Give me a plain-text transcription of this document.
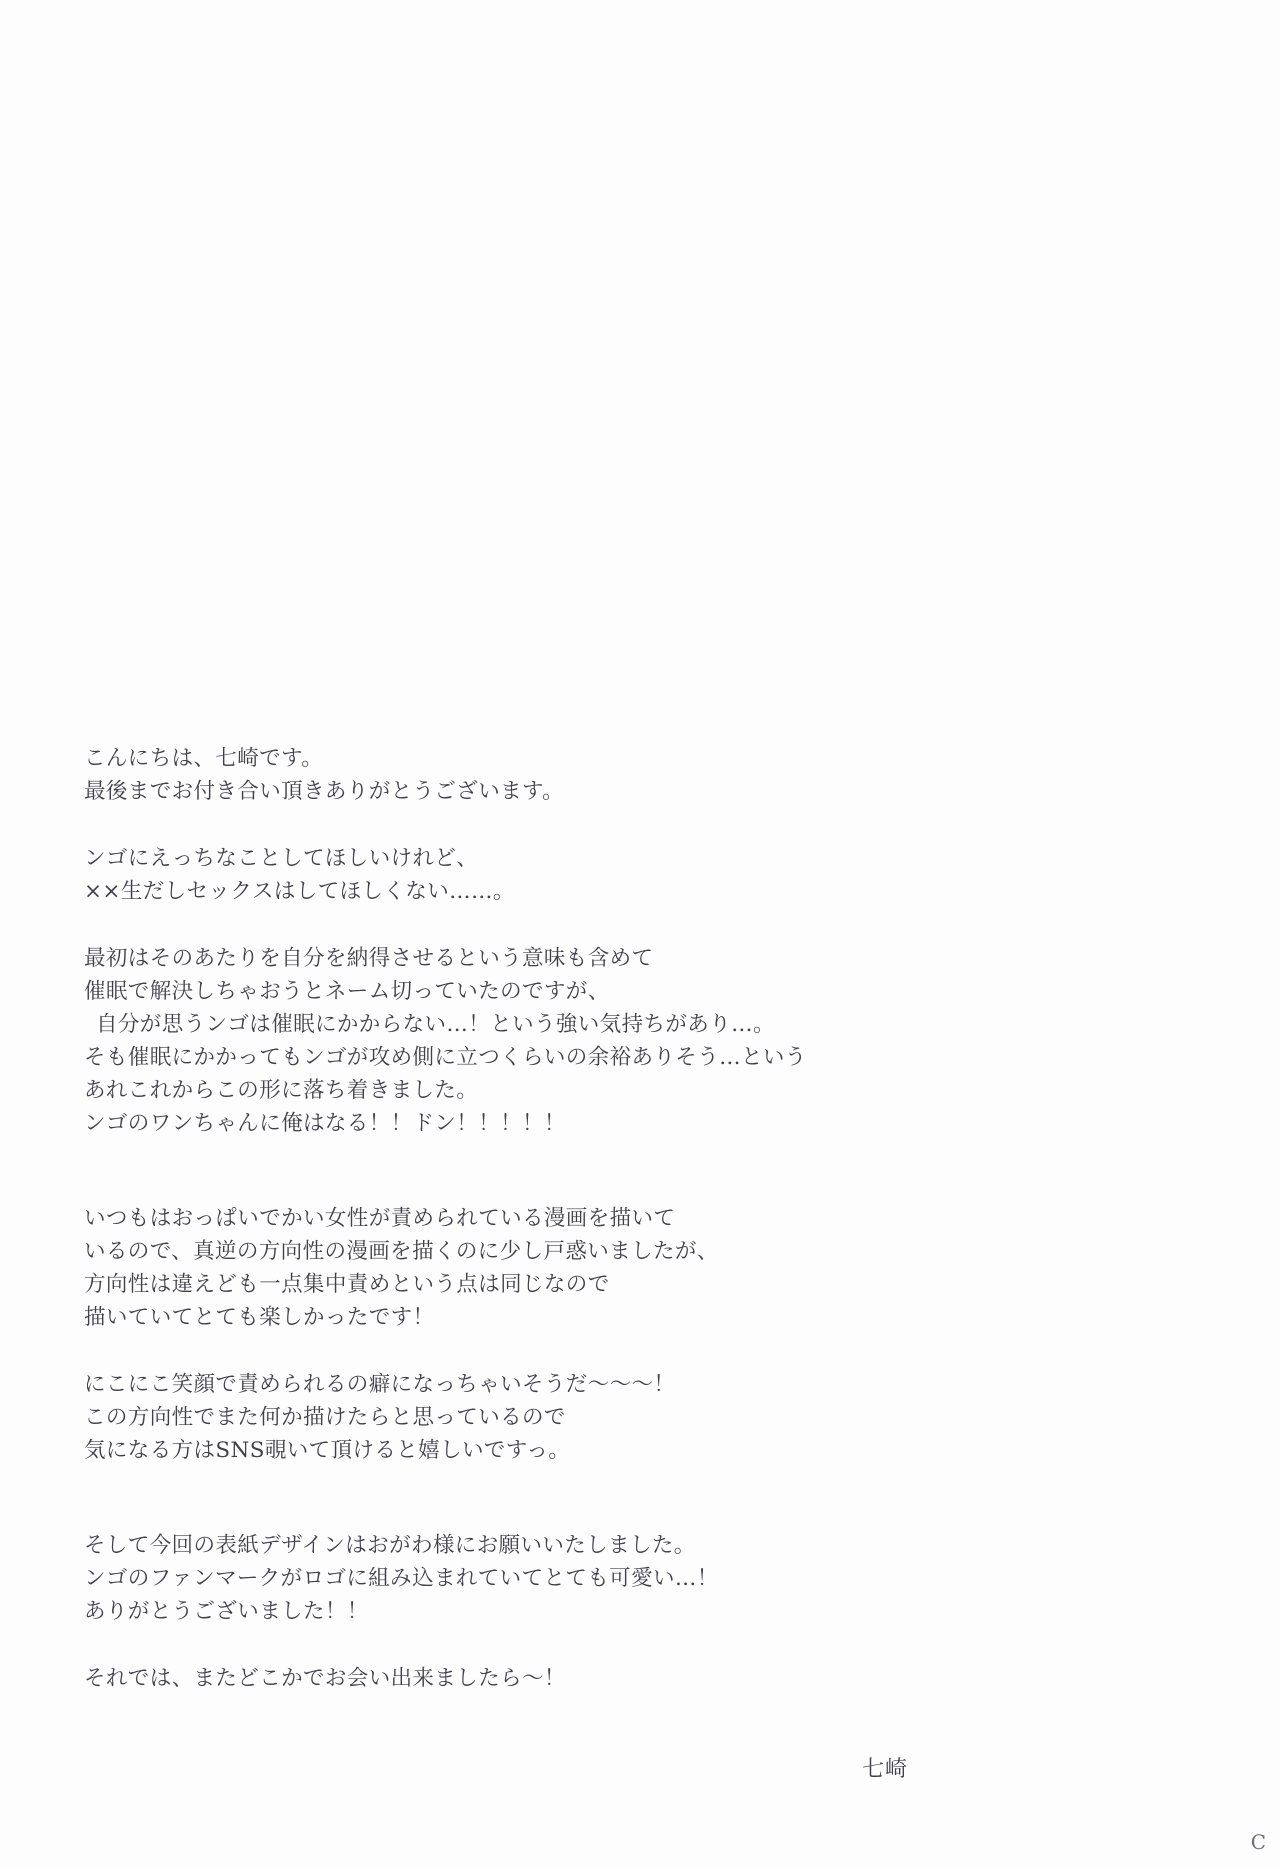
こんにちは、七崎です。
最後までお付き合い頂きありがとうございます。
ンゴにえっちなことしてほしいけれど、
××生だしセックスはしてほしくない……。
最初はそのあたりを自分を納得させるという意味も含めて
催眠で解決しちゃおうとネーム切っていたのですが、
自分が思うンゴは催眠にかからない…！という強い気持ちがあり…。
そも催眠にかかってもンゴが攻め側に立つくらいの余裕ありそう…という
あれこれからこの形に落ち着きました。
ンゴのワンちゃんに俺はなる！！ドン！！！！！
いつもはおっぱいでかい女性が責められている漫画を描いて
いるので、真逆の方向性の漫画を描くのに少し戸惑いましたが、
方向性は違えども一点集中責めという点は同じなので
描いていてとても楽しかったです！
にこにこ笑顔で責められるの癖になっちゃいそうだ〜〜〜！
この方向性でまた何か描けたらと思っているので
気になる方はSNS覗いて頂けると嬉しいですっ。
そして今回の表紙デザインはおがわ様にお願いいたしました。
ンゴのファンマークがロゴに組み込まれていてとても可愛い…！
ありがとうございました！！
それでは、またどこかでお会い出来ましたら〜！
七崎
C
